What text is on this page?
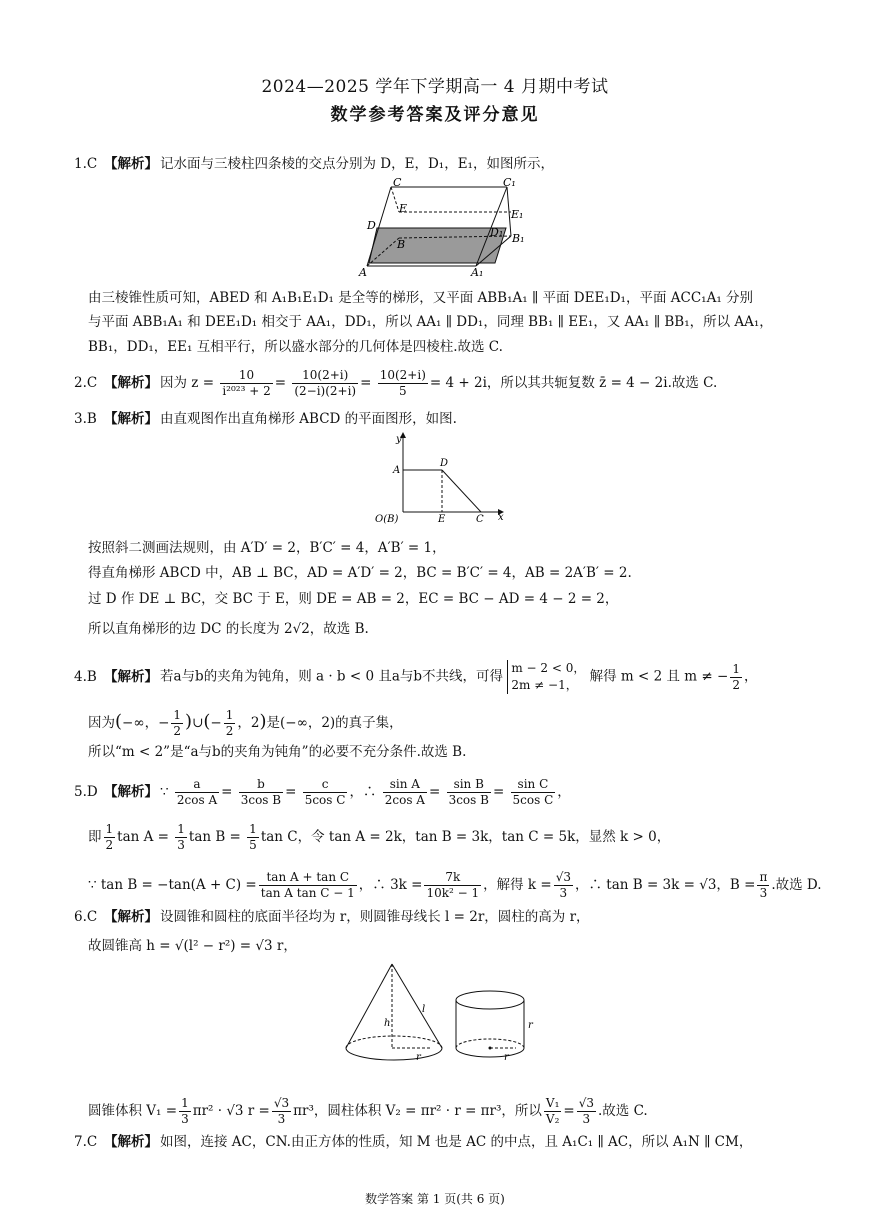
2024—2025 学年下学期高一 4 月期中考试
数学参考答案及评分意见
1.C 【解析】 记水面与三棱柱四条棱的交点分别为 D，E，D₁，E₁，如图所示，
C	C₁
E	E₁
D
D₁
B	B₁
A	A₁
由三棱锥性质可知，ABED 和 A₁B₁E₁D₁ 是全等的梯形，又平面 ABB₁A₁ ∥ 平面 DEE₁D₁，平面 ACC₁A₁ 分别
与平面 ABB₁A₁ 和 DEE₁D₁ 相交于 AA₁，DD₁，所以 AA₁ ∥ DD₁，同理 BB₁ ∥ EE₁，又 AA₁ ∥ BB₁，所以 AA₁，
BB₁，DD₁，EE₁ 互相平行，所以盛水部分的几何体是四棱柱.故选 C.
2.C 【解析】 因为 $z = \frac{10}{\text{i²⁰²³ + 2}} = \frac{10(2+i)}{(2-i)(2+i)} = \frac{10(2+i)}{5} = 4 + 2i$，所以其共轭复数 z̄ = 4 − 2i.故选 C.
3.B 【解析】 由直观图作出直角梯形 ABCD 的平面图形，如图.
y
A
D
O(B)	E	C x
按照斜二测画法规则，由 A′D′ = 2，B′C′ = 4，A′B′ = 1，
得直角梯形 ABCD 中，AB ⊥ BC，AD = A′D′ = 2，BC = B′C′ = 4，AB = 2A′B′ = 2.
过 D 作 DE ⊥ BC，交 BC 于 E，则 DE = AB = 2，EC = BC − AD = 4 − 2 = 2，
所以直角梯形的边 DC 的长度为 2√2，故选 B.
4.B 【解析】 若a与b的夹角为钝角，则 a · b < 0 且a与b不共线，可得
m − 2 < 0，
2m ≠ −1，
解得 m < 2 且 m ≠ − $\frac{1}{2}$ ，
因为(−∞，− $\frac{1}{2}$ )∪(− $\frac{1}{2}$ ，2)是(−∞，2)的真子集，
所以“m < 2”是“a与b的夹角为钝角”的必要不充分条件.故选 B.
5.D 【解析】 ∵ $\frac{a}{\text{2cos A}} = \frac{b}{\text{3cos B}} = \frac{c}{\text{5cos C}}$ ，∴ $\frac{\text{sin A}}{\text{2cos A}} = \frac{\text{sin B}}{\text{3cos B}} = \frac{\text{sin C}}{\text{5cos C}}$ ，
即 $\frac{1}{2}$ $\tan A = \frac{1}{3}$ $\tan B = \frac{1}{5}$ tan C，令 tan A = 2k，tan B = 3k，tan C = 5k，显然 k > 0，
∵ $\tan B = -\tan(A + C) = \frac{\text{tan A + tan C}}{\text{tan A tan C − 1}}$ ，∴ $3k = \frac{7k}{\text{10k² − 1}}$ ，解得 $k = \frac{√3}{3}$ ，∴ tan B = 3k = √3，$B = \frac{\pi}{3}$ .故选 D.
6.C 【解析】 设圆锥和圆柱的底面半径均为 r，则圆锥母线长 l = 2r，圆柱的高为 r，
故圆锥高 h = √(l² − r²) = √3 r，
h
l
r
r
r
圆锥体积 $V_1 = \frac{1}{3} \pi r^2 \cdot √3$ $r = \frac{√3}{3} \pi r^3$，圆柱体积 V₂ = πr² · r = πr³，所以 $\frac{\text{V₁}}{\text{V₂}} = \frac{√3}{3}$ .故选 C.
7.C 【解析】 如图，连接 AC，CN.由正方体的性质，知 M 也是 AC 的中点，且 A₁C₁ ∥ AC，所以 A₁N ∥ CM，
数学答案 第 1 页(共 6 页)
